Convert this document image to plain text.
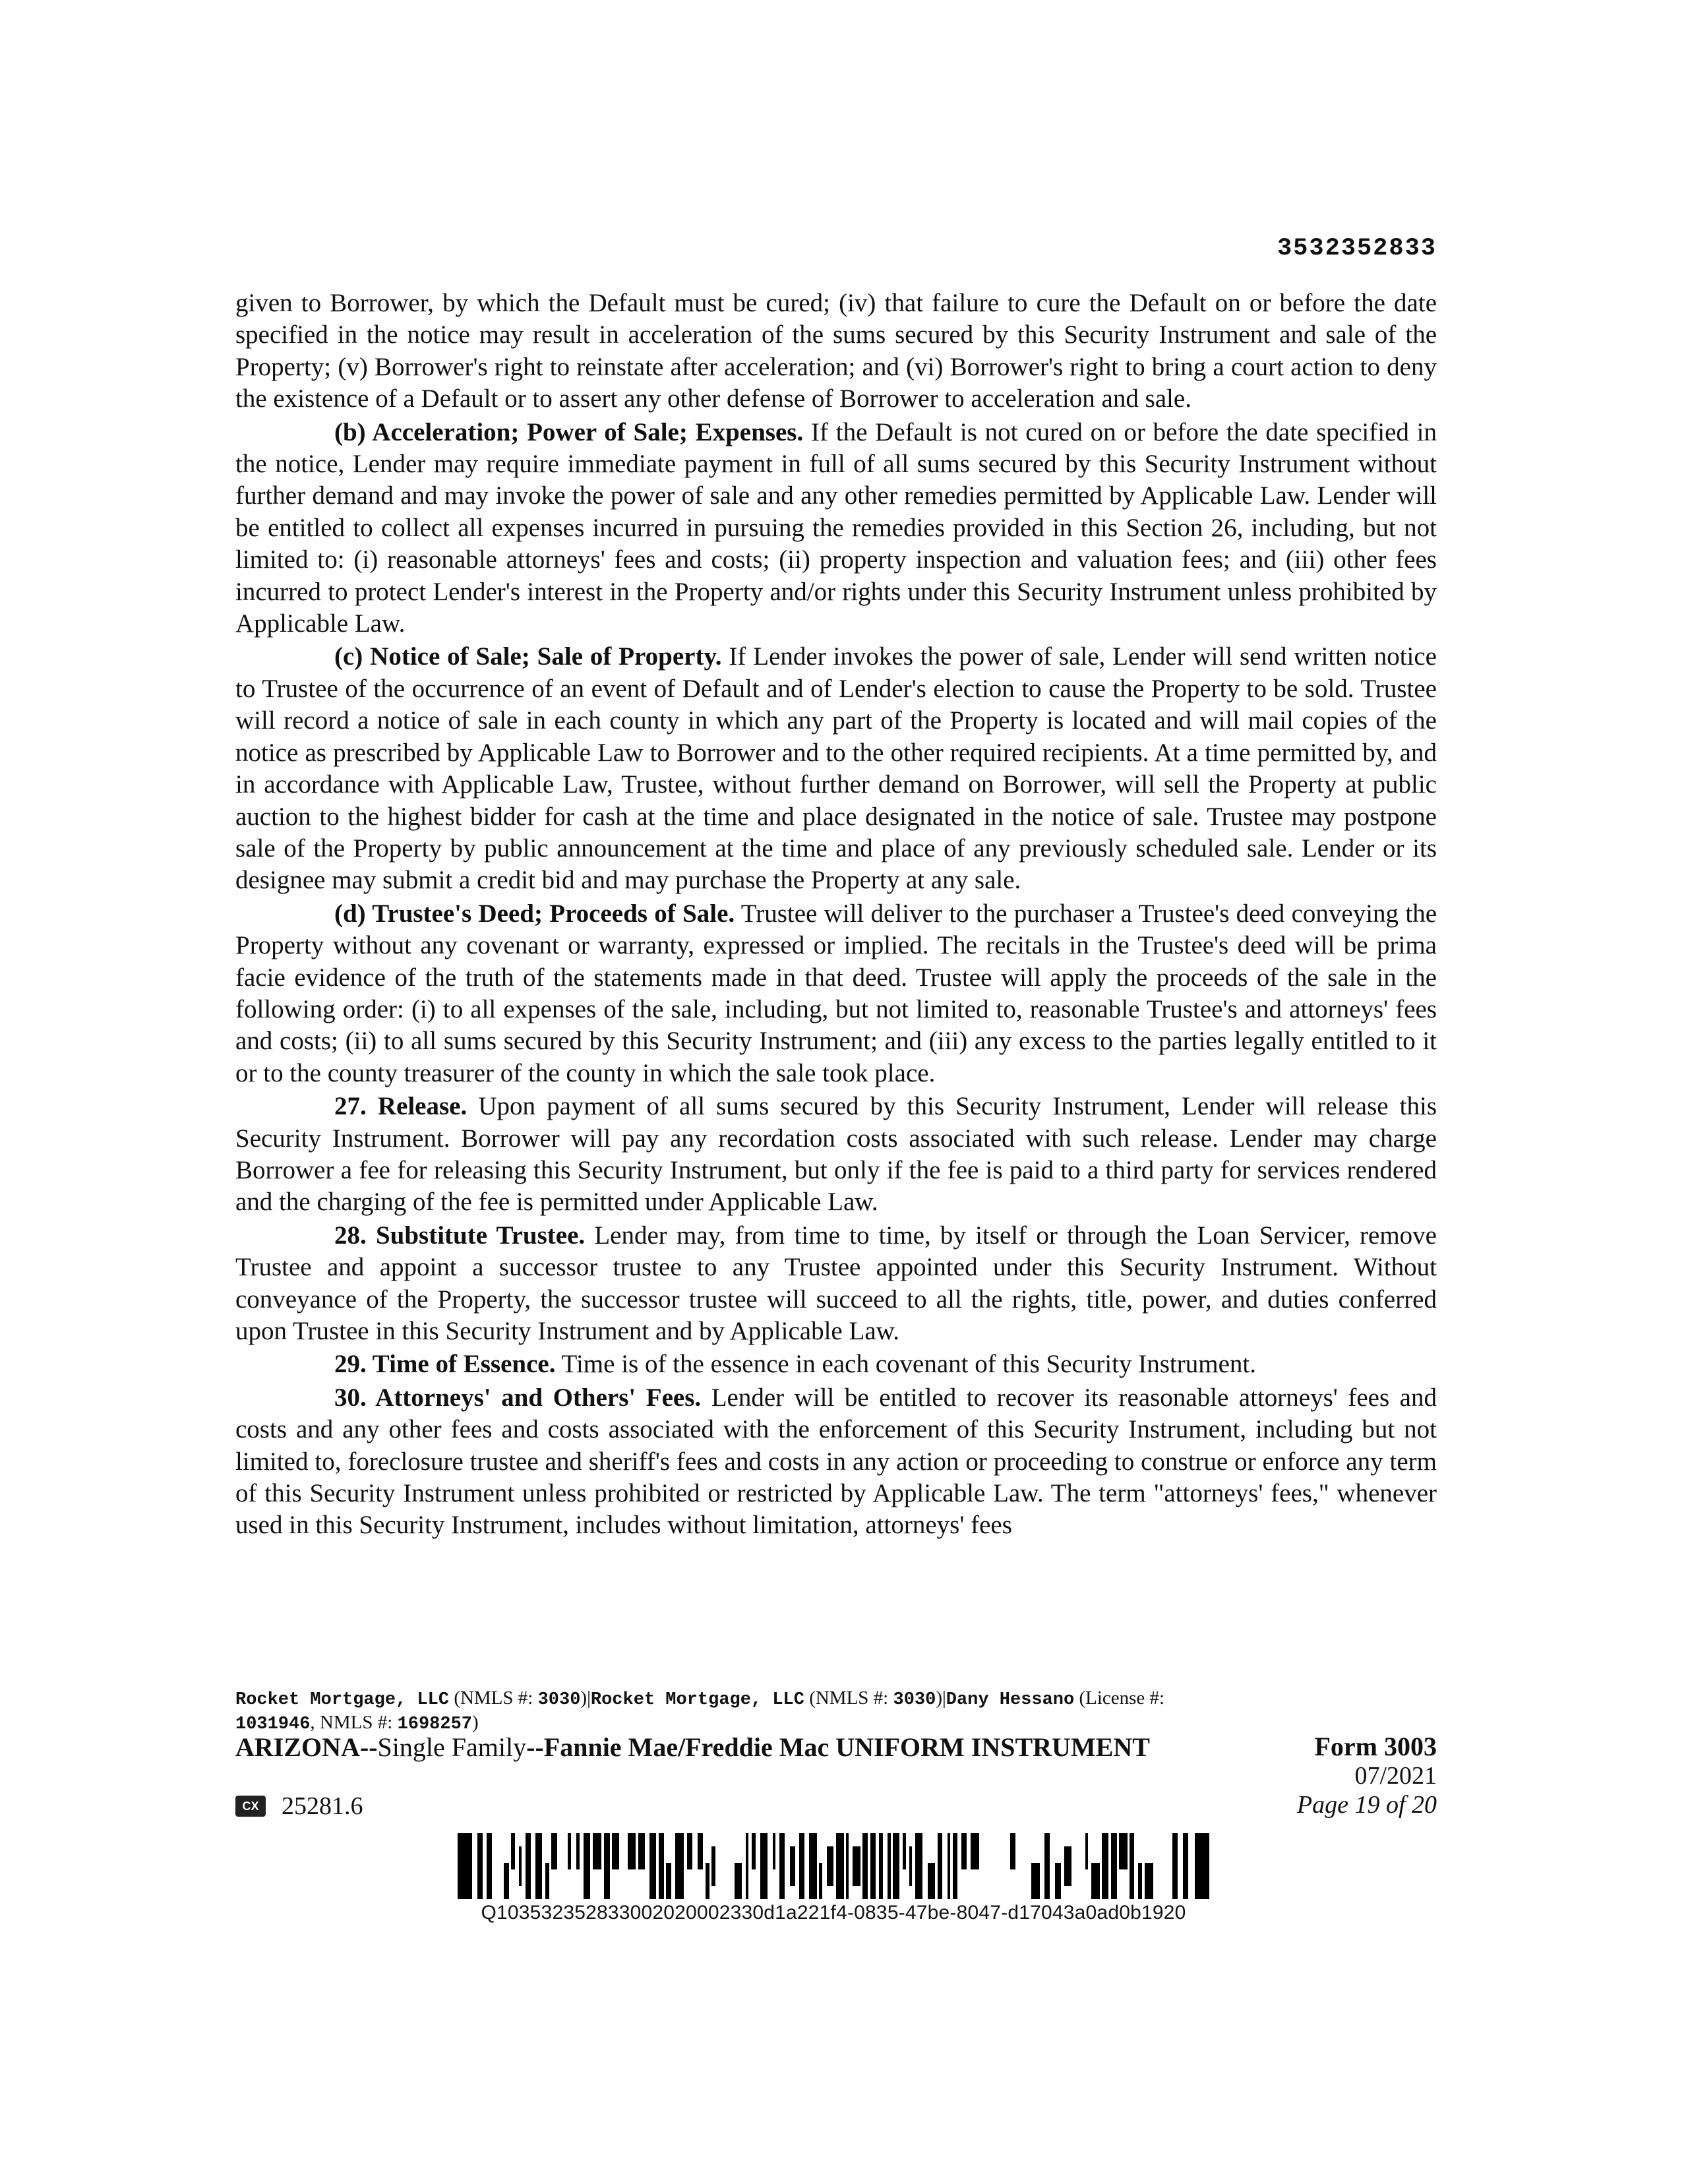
3532352833

given to Borrower, by which the Default must be cured; (iv) that failure to cure the Default on or before the date specified in the notice may result in acceleration of the sums secured by this Security Instrument and sale of the Property; (v) Borrower's right to reinstate after acceleration; and (vi) Borrower's right to bring a court action to deny the existence of a Default or to assert any other defense of Borrower to acceleration and sale.

(b) Acceleration; Power of Sale; Expenses. If the Default is not cured on or before the date specified in the notice, Lender may require immediate payment in full of all sums secured by this Security Instrument without further demand and may invoke the power of sale and any other remedies permitted by Applicable Law. Lender will be entitled to collect all expenses incurred in pursuing the remedies provided in this Section 26, including, but not limited to: (i) reasonable attorneys' fees and costs; (ii) property inspection and valuation fees; and (iii) other fees incurred to protect Lender's interest in the Property and/or rights under this Security Instrument unless prohibited by Applicable Law.

(c) Notice of Sale; Sale of Property. If Lender invokes the power of sale, Lender will send written notice to Trustee of the occurrence of an event of Default and of Lender's election to cause the Property to be sold. Trustee will record a notice of sale in each county in which any part of the Property is located and will mail copies of the notice as prescribed by Applicable Law to Borrower and to the other required recipients. At a time permitted by, and in accordance with Applicable Law, Trustee, without further demand on Borrower, will sell the Property at public auction to the highest bidder for cash at the time and place designated in the notice of sale. Trustee may postpone sale of the Property by public announcement at the time and place of any previously scheduled sale. Lender or its designee may submit a credit bid and may purchase the Property at any sale.

(d) Trustee's Deed; Proceeds of Sale. Trustee will deliver to the purchaser a Trustee's deed conveying the Property without any covenant or warranty, expressed or implied. The recitals in the Trustee's deed will be prima facie evidence of the truth of the statements made in that deed. Trustee will apply the proceeds of the sale in the following order: (i) to all expenses of the sale, including, but not limited to, reasonable Trustee's and attorneys' fees and costs; (ii) to all sums secured by this Security Instrument; and (iii) any excess to the parties legally entitled to it or to the county treasurer of the county in which the sale took place.

27. Release. Upon payment of all sums secured by this Security Instrument, Lender will release this Security Instrument. Borrower will pay any recordation costs associated with such release. Lender may charge Borrower a fee for releasing this Security Instrument, but only if the fee is paid to a third party for services rendered and the charging of the fee is permitted under Applicable Law.

28. Substitute Trustee. Lender may, from time to time, by itself or through the Loan Servicer, remove Trustee and appoint a successor trustee to any Trustee appointed under this Security Instrument. Without conveyance of the Property, the successor trustee will succeed to all the rights, title, power, and duties conferred upon Trustee in this Security Instrument and by Applicable Law.

29. Time of Essence. Time is of the essence in each covenant of this Security Instrument.

30. Attorneys' and Others' Fees. Lender will be entitled to recover its reasonable attorneys' fees and costs and any other fees and costs associated with the enforcement of this Security Instrument, including but not limited to, foreclosure trustee and sheriff's fees and costs in any action or proceeding to construe or enforce any term of this Security Instrument unless prohibited or restricted by Applicable Law. The term "attorneys' fees," whenever used in this Security Instrument, includes without limitation, attorneys' fees

Rocket Mortgage, LLC (NMLS #: 3030)|Rocket Mortgage, LLC (NMLS #: 3030)|Dany Hessano (License #:
1031946, NMLS #: 1698257)
ARIZONA--Single Family--Fannie Mae/Freddie Mac UNIFORM INSTRUMENT	Form 3003
07/2021
Page 19 of 20
CX 25281.6
Q103532352833002020002330d1a221f4-0835-47be-8047-d17043a0ad0b1920
